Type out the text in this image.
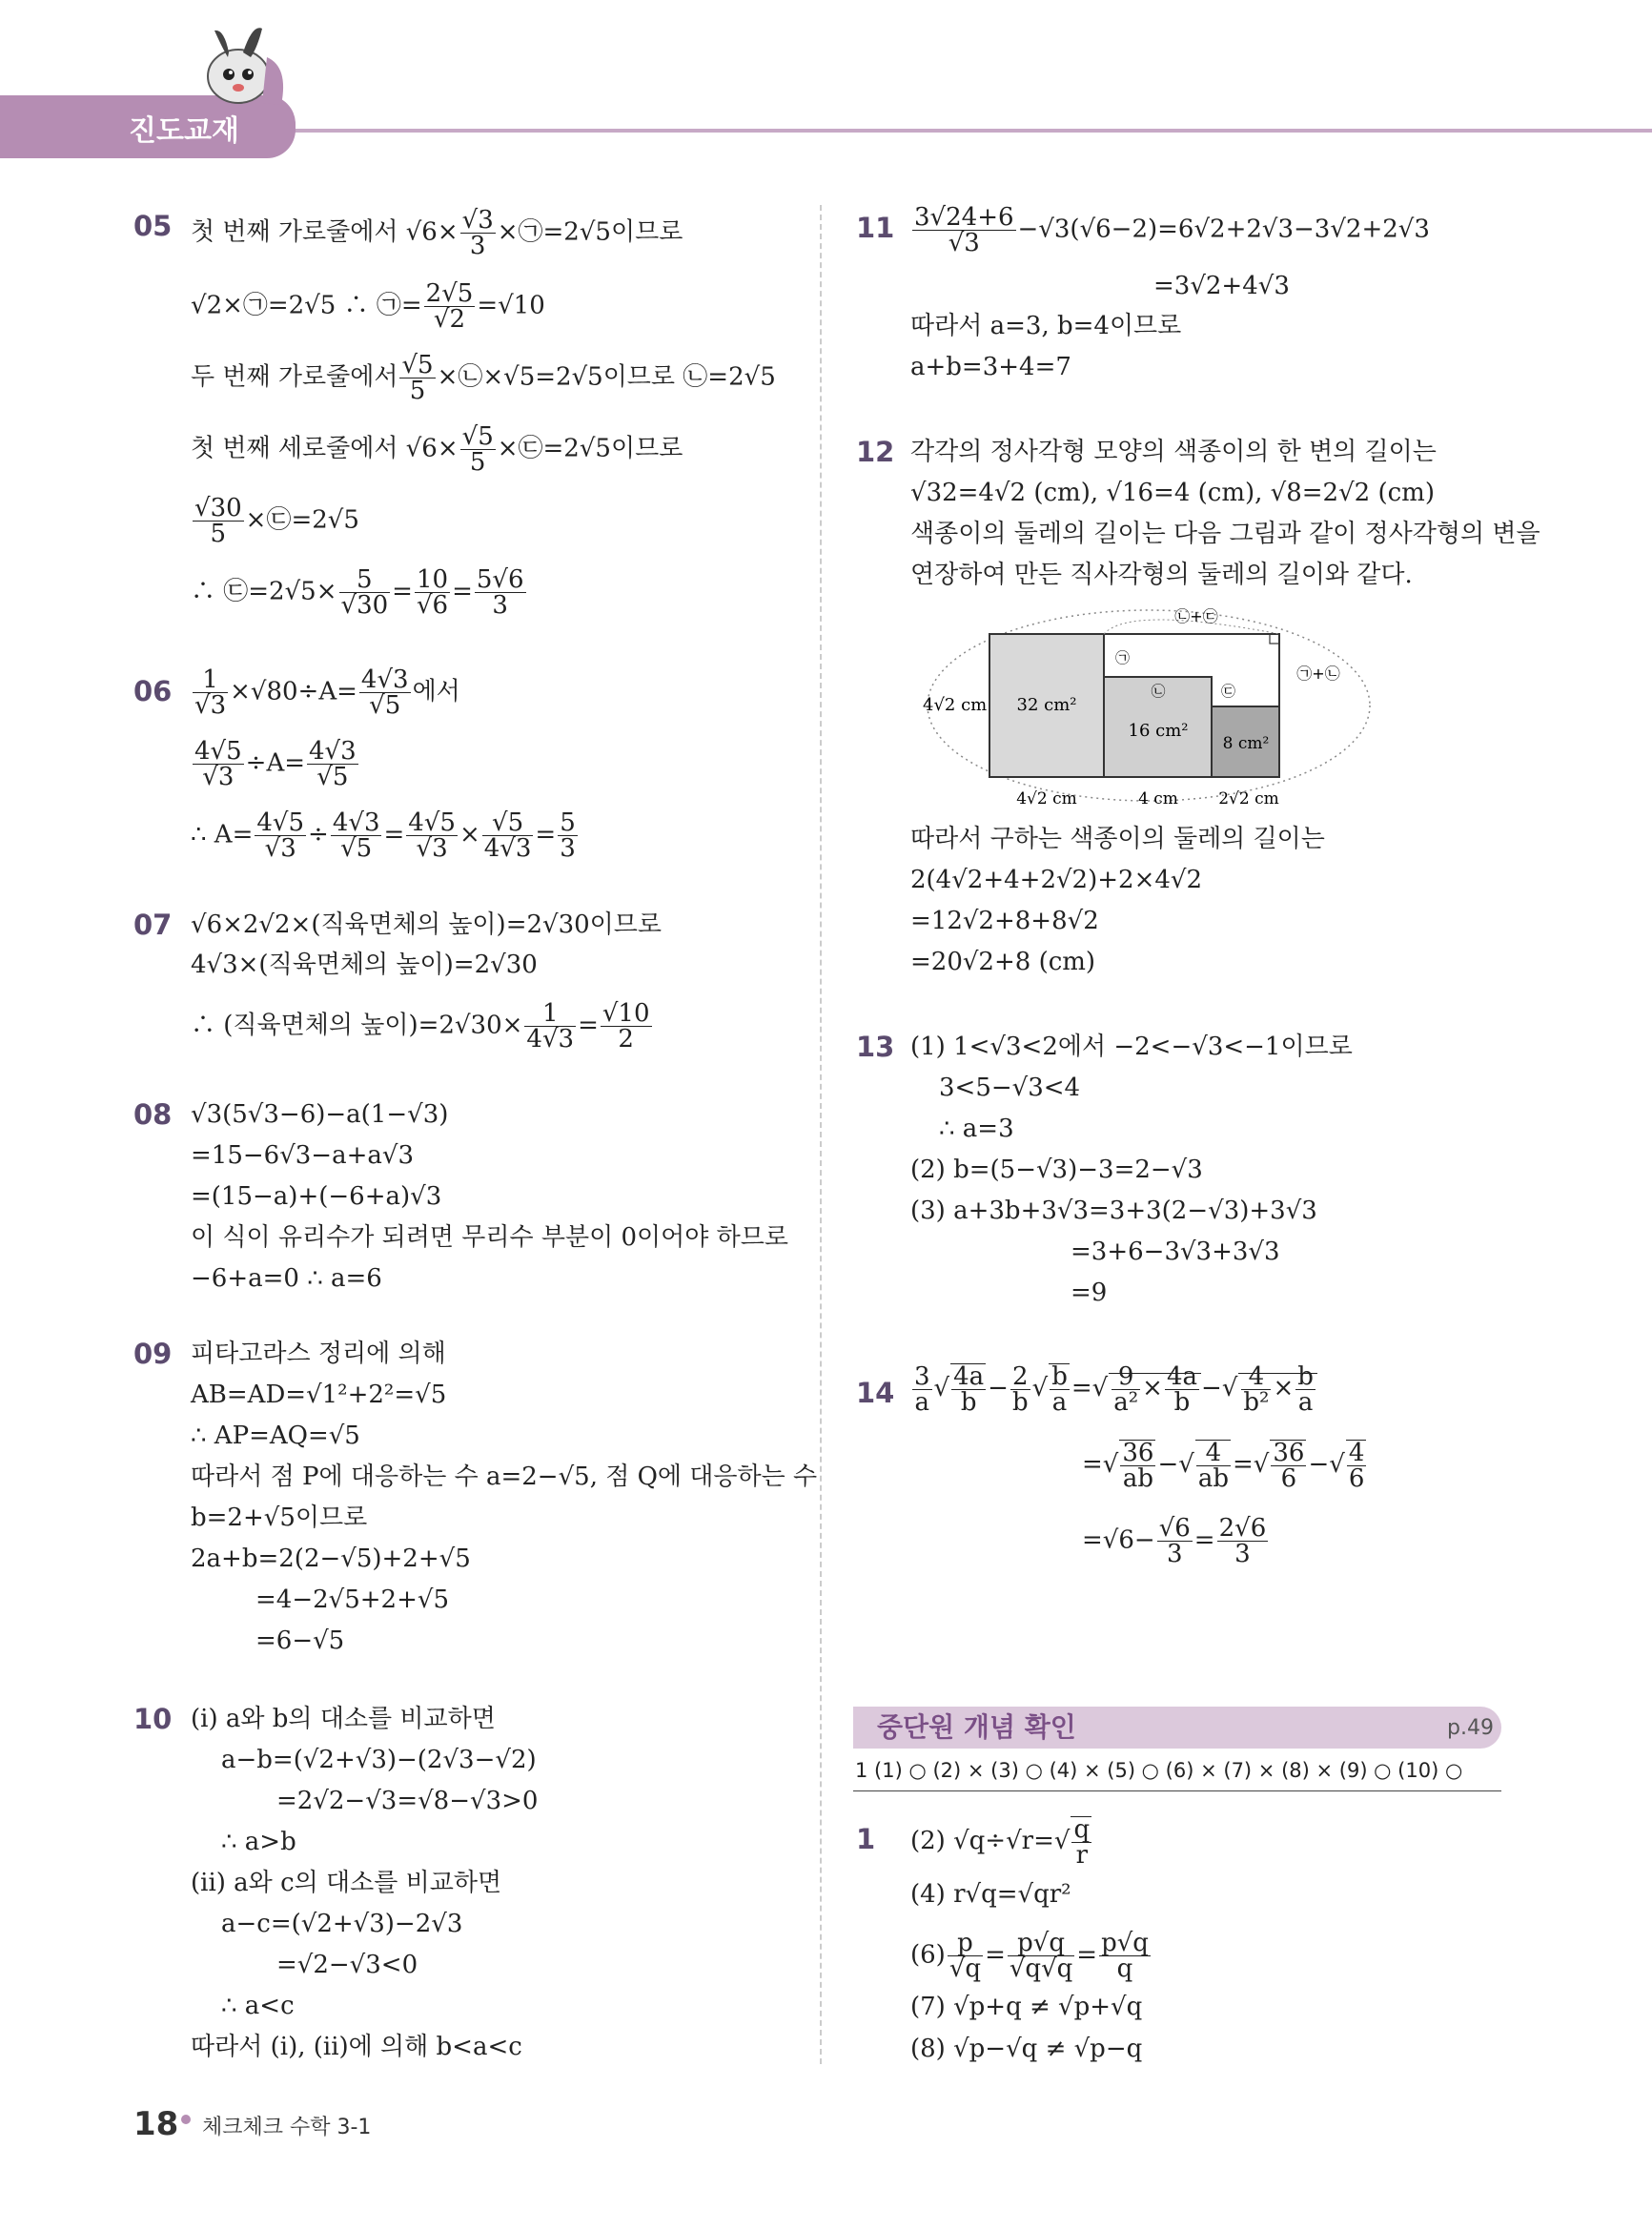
진도교재
05 첫 번째 가로줄에서 $√6\times \frac{√3}{3}$ ×㉠=2√5이므로
√2×㉠=2√5 ∴ ㉠= $\frac{2√5}{√2} =√10$
두 번째 가로줄에서 $\frac{√5}{5}$ ×㉡×√5=2√5이므로 ㉡=2√5
첫 번째 세로줄에서 $√6\times \frac{√5}{5}$ ×㉢=2√5이므로
$\frac{√30}{5}$ ×㉢=2√5
∴ ㉢=2√5× $\frac{5}{√30} = \frac{10}{√6} = \frac{5√6}{3}$
$06 \frac{1}{√3} \times√80\div A= \frac{4√3}{√5}$ 에서
$\frac{4√5}{√3} \div A= \frac{4√3}{√5}$
∴ $A= \frac{4√5}{√3} \div \frac{4√3}{√5} = \frac{4√5}{√3} \times \frac{√5}{4√3} = \frac{5}{3}$
07 √6×2√2×(직육면체의 높이)=2√30이므로
4√3×(직육면체의 높이)=2√30
∴ (직육면체의 높이)$=2√30\times \frac{1}{4√3} = \frac{√10}{2}$
08 √3(5√3−6)−a(1−√3)
=15−6√3−a+a√3
=(15−a)+(−6+a)√3
이 식이 유리수가 되려면 무리수 부분이 0이어야 하므로
−6+a=0 ∴ a=6
09 피타고라스 정리에 의해
AB=AD=√1²+2²=√5
∴ AP=AQ=√5
따라서 점 P에 대응하는 수 a=2−√5, 점 Q에 대응하는 수
b=2+√5이므로
2a+b=2(2−√5)+2+√5
=4−2√5+2+√5
=6−√5
10 (i) a와 b의 대소를 비교하면
a−b=(√2+√3)−(2√3−√2)
=2√2−√3=√8−√3>0
∴ a>b
(ii) a와 c의 대소를 비교하면
a−c=(√2+√3)−2√3
=√2−√3<0
∴ a<c
따라서 (i), (ii)에 의해 b<a<c
$11 \frac{3√24+6}{√3} -√3(√6-2)=6√2+2√3-3√2+2√3$
=3√2+4√3
따라서 a=3, b=4이므로
a+b=3+4=7
12 각각의 정사각형 모양의 색종이의 한 변의 길이는
√32=4√2 (cm), √16=4 (cm), √8=2√2 (cm)
색종이의 둘레의 길이는 다음 그림과 같이 정사각형의 변을
연장하여 만든 직사각형의 둘레의 길이와 같다.
32 cm²
16 cm²
8 cm²
4√2 cm
4√2 cm	4 cm 2√2 cm
㉡+㉢
㉠+㉡
㉠
㉡	㉢
따라서 구하는 색종이의 둘레의 길이는
2(4√2+4+2√2)+2×4√2
=12√2+8+8√2
=20√2+8 (cm)
13 (1) 1<√3<2에서 −2<−√3<−1이므로
3<5−√3<4
∴ a=3
(2) b=(5−√3)−3=2−√3
(3) a+3b+3√3=3+3(2−√3)+3√3
=3+6−3√3+3√3
=9
$14 \frac{3}{a}$ √ $\frac{4a}{b} - \frac{2}{b}$ √ $\frac{b}{a}$ =√ $\frac{9}{\text{a²}} \times \frac{4a}{b}$ −√ $\frac{4}{\text{b²}} \times \frac{b}{a}$
=√ $\frac{36}{ab}$ −√ $\frac{4}{ab}$ =√ $\frac{36}{6}$ −√ $\frac{4}{6}$
$=√6- \frac{√6}{3} = \frac{2√6}{3}$
중단원 개념 확인	p.49
1 (1) ○ (2) × (3) ○ (4) × (5) ○ (6) × (7) × (8) × (9) ○ (10) ○
1 (2) $√q\div√r=√ \frac{q}{r}$
(4) r√q=√qr²
$(6) \frac{p}{√q} = \frac{p√q}{√q√q} = \frac{p√q}{q}$
(7) √p+q ≠ √p+√q
(8) √p−√q ≠ √p−q
18 체크체크 수학 3-1
